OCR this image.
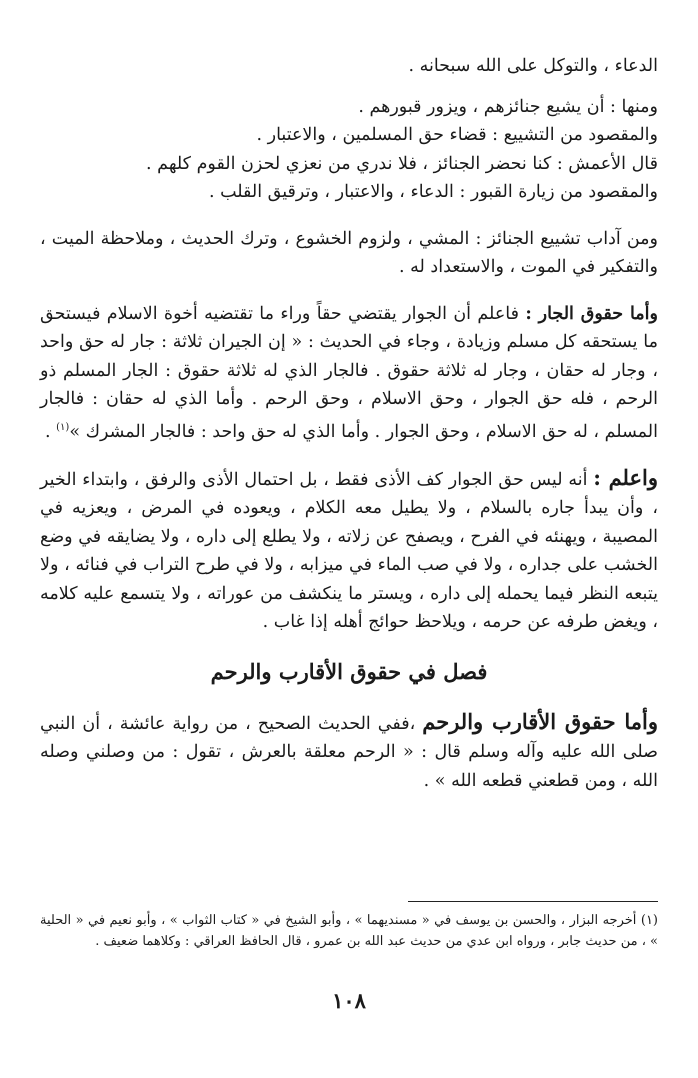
الدعاء ، والتوكل على الله سبحانه .

ومنها : أن يشيع جنائزهم ، ويزور قبورهم .

والمقصود من التشييع : قضاء حق المسلمين ، والاعتبار .

قال الأعمش : كنا نحضر الجنائز ، فلا ندري من نعزي لحزن القوم كلهم .

والمقصود من زيارة القبور : الدعاء ، والاعتبار ، وترقيق القلب .

ومن آداب تشييع الجنائز : المشي ، ولزوم الخشوع ، وترك الحديث ، وملاحظة الميت ، والتفكير في الموت ، والاستعداد له .

وأما حقوق الجار : فاعلم أن الجوار يقتضي حقاً وراء ما تقتضيه أخوة الاسلام فيستحق ما يستحقه كل مسلم وزيادة ، وجاء في الحديث : « إن الجيران ثلاثة : جار له حق واحد ، وجار له حقان ، وجار له ثلاثة حقوق . فالجار الذي له ثلاثة حقوق : الجار المسلم ذو الرحم ، فله حق الجوار ، وحق الاسلام ، وحق الرحم . وأما الذي له حقان : فالجار المسلم ، له حق الاسلام ، وحق الجوار . وأما الذي له حق واحد : فالجار المشرك »$^{(١)}$ .

واعلم : أنه ليس حق الجوار كف الأذى فقط ، بل احتمال الأذى والرفق ، وابتداء الخير ، وأن يبدأ جاره بالسلام ، ولا يطيل معه الكلام ، ويعوده في المرض ، ويعزيه في المصيبة ، ويهنئه في الفرح ، ويصفح عن زلاته ، ولا يطلع إلى داره ، ولا يضايقه في وضع الخشب على جداره ، ولا في صب الماء في ميزابه ، ولا في طرح التراب في فنائه ، ولا يتبعه النظر فيما يحمله إلى داره ، ويستر ما ينكشف من عوراته ، ولا يتسمع عليه كلامه ، ويغض طرفه عن حرمه ، ويلاحظ حوائج أهله إذا غاب .

فصل في حقوق الأقارب والرحم

وأما حقوق الأقارب والرحم ،ففي الحديث الصحيح ، من رواية عائشة ، أن النبي صلى الله عليه وآله وسلم قال : « الرحم معلقة بالعرش ، تقول : من وصلني وصله الله ، ومن قطعني قطعه الله » .

(١) أخرجه البزار ، والحسن بن يوسف في « مسنديهما » ، وأبو الشيخ في « كتاب الثواب » ، وأبو نعيم في « الحلية » ، من حديث جابر ، ورواه ابن عدي من حديث عبد الله بن عمرو ، قال الحافظ العراقي : وكلاهما ضعيف .
١٠٨
